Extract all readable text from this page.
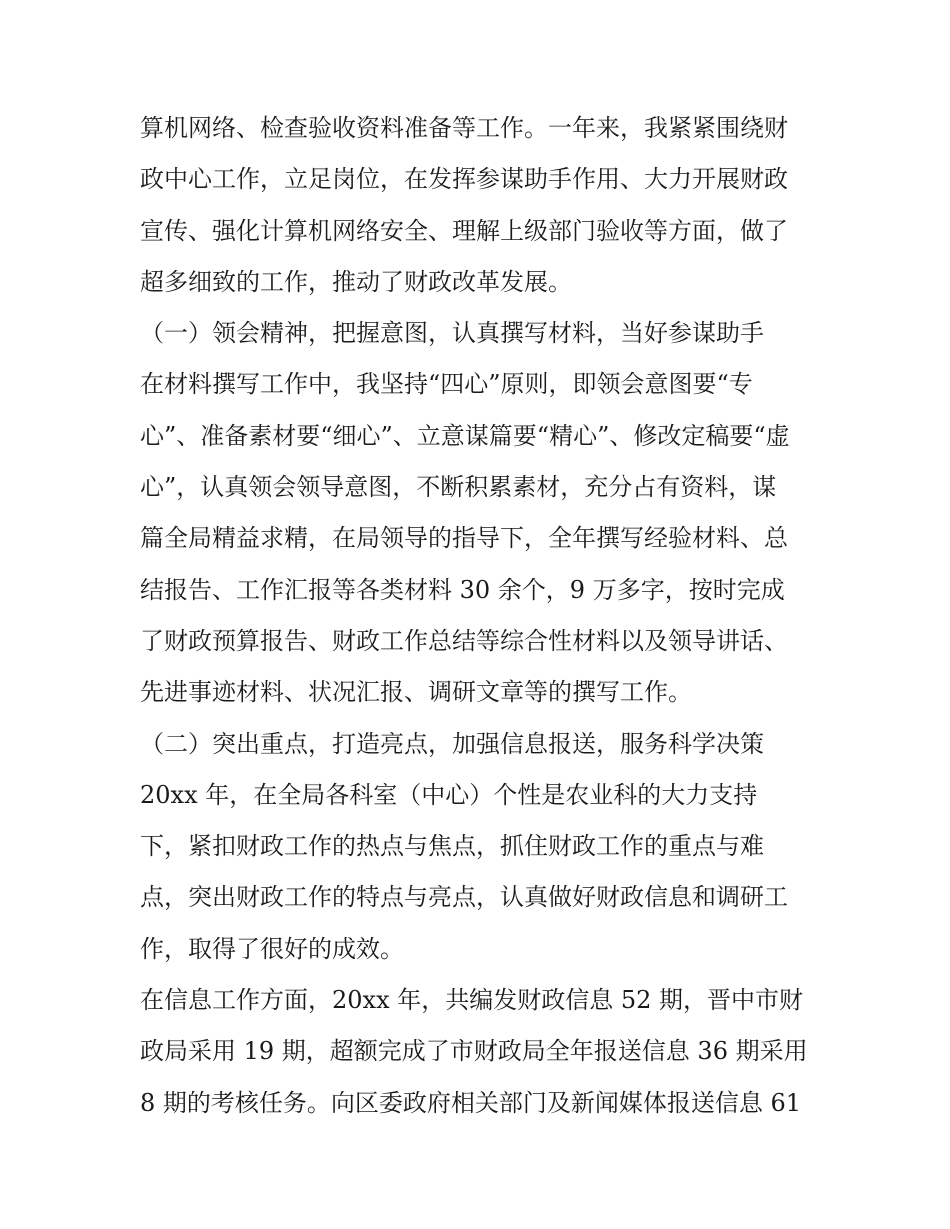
算机网络、检查验收资料准备等工作。一年来，我紧紧围绕财

政中心工作，立足岗位，在发挥参谋助手作用、大力开展财政

宣传、强化计算机网络安全、理解上级部门验收等方面，做了

超多细致的工作，推动了财政改革发展。

（一）领会精神，把握意图，认真撰写材料，当好参谋助手

在材料撰写工作中，我坚持“四心”原则，即领会意图要“专

心”、准备素材要“细心”、立意谋篇要“精心”、修改定稿要“虚

心”，认真领会领导意图，不断积累素材，充分占有资料，谋

篇全局精益求精，在局领导的指导下，全年撰写经验材料、总

结报告、工作汇报等各类材料 30 余个，9 万多字，按时完成

了财政预算报告、财政工作总结等综合性材料以及领导讲话、

先进事迹材料、状况汇报、调研文章等的撰写工作。

（二）突出重点，打造亮点，加强信息报送，服务科学决策

20xx 年，在全局各科室（中心）个性是农业科的大力支持

下，紧扣财政工作的热点与焦点，抓住财政工作的重点与难

点，突出财政工作的特点与亮点，认真做好财政信息和调研工

作，取得了很好的成效。

在信息工作方面，20xx 年，共编发财政信息 52 期，晋中市财

政局采用 19 期，超额完成了市财政局全年报送信息 36 期采用

8 期的考核任务。向区委政府相关部门及新闻媒体报送信息 61
